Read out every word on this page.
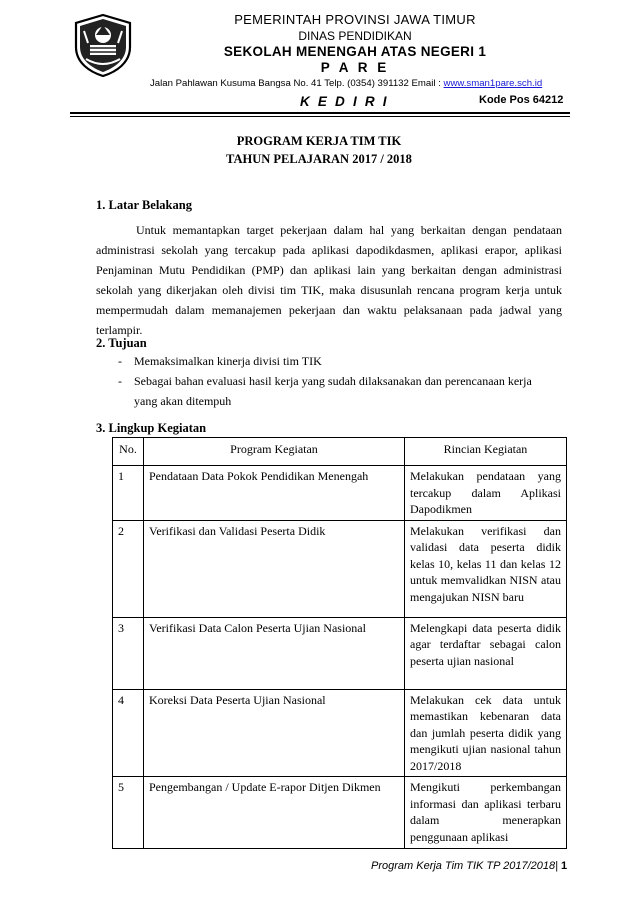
PEMERINTAH PROVINSI JAWA TIMUR
DINAS PENDIDIKAN
SEKOLAH MENENGAH ATAS NEGERI 1
P A R E
Jalan Pahlawan Kusuma Bangsa No. 41 Telp. (0354) 391132 Email : www.sman1pare.sch.id
K E D I R I	Kode Pos 64212
PROGRAM KERJA TIM TIK
TAHUN PELAJARAN 2017 / 2018
1. Latar Belakang

Untuk memantapkan target pekerjaan dalam hal yang berkaitan dengan pendataan administrasi sekolah yang tercakup pada aplikasi dapodikdasmen, aplikasi erapor, aplikasi Penjaminan Mutu Pendidikan (PMP) dan aplikasi lain yang berkaitan dengan administrasi sekolah yang dikerjakan oleh divisi tim TIK, maka disusunlah rencana program kerja untuk mempermudah dalam memanajemen pekerjaan dan waktu pelaksanaan pada jadwal yang terlampir.

2. Tujuan
- Memaksimalkan kinerja divisi tim TIK
- Sebagai bahan evaluasi hasil kerja yang sudah dilaksanakan dan perencanaan kerja yang akan ditempuh
3. Lingkup Kegiatan
No.	Program Kegiatan	Rincian Kegiatan
1	Pendataan Data Pokok Pendidikan Menengah	Melakukan pendataan yang tercakup dalam Aplikasi Dapodikmen
2	Verifikasi dan Validasi Peserta Didik	Melakukan verifikasi dan validasi data peserta didik kelas 10, kelas 11 dan kelas 12 untuk memvalidkan NISN atau mengajukan NISN baru
3	Verifikasi Data Calon Peserta Ujian Nasional	Melengkapi data peserta didik agar terdaftar sebagai calon peserta ujian nasional
4	Koreksi Data Peserta Ujian Nasional	Melakukan cek data untuk memastikan kebenaran data dan jumlah peserta didik yang mengikuti ujian nasional tahun 2017/2018
5	Pengembangan / Update E-rapor Ditjen Dikmen	Mengikuti perkembangan informasi dan aplikasi terbaru dalam menerapkan penggunaan aplikasi
Program Kerja Tim TIK TP 2017/2018| 1
